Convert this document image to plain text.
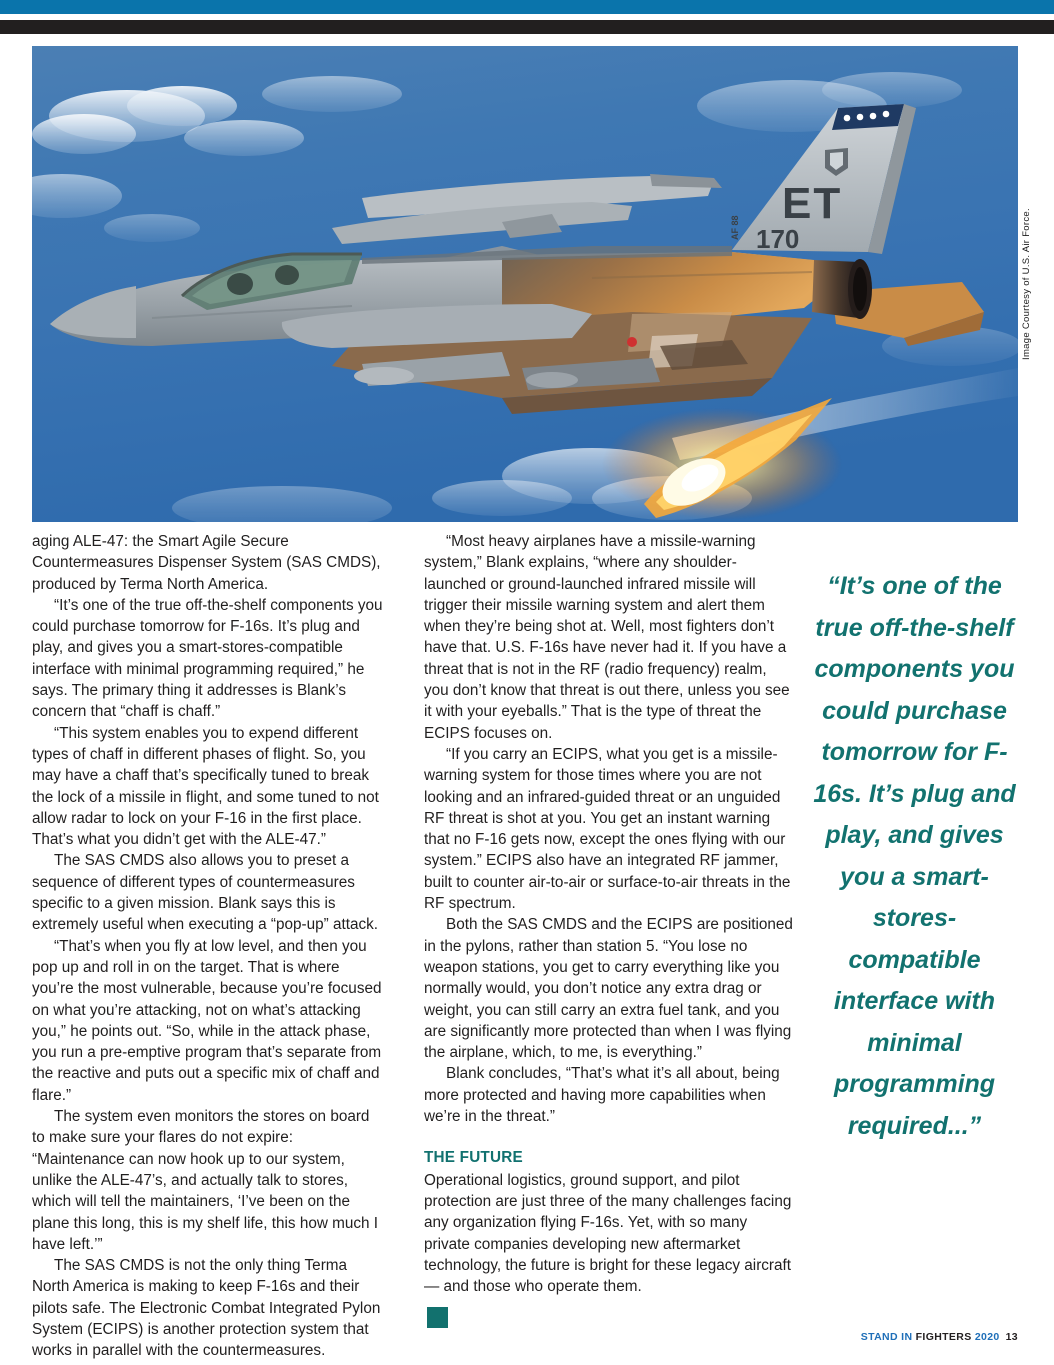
ET
170
AF 88	Image Courtesy of U.S. Air Force.

aging ALE-47: the Smart Agile Secure Countermeasures Dispenser System (SAS CMDS), produced by Terma North America.

“It’s one of the true off-the-shelf components you could purchase tomorrow for F-16s. It’s plug and play, and gives you a smart-stores-compatible interface with minimal programming required,” he says. The primary thing it addresses is Blank’s concern that “chaff is chaff.”

“This system enables you to expend different types of chaff in different phases of flight. So, you may have a chaff that’s specifically tuned to break the lock of a missile in flight, and some tuned to not allow radar to lock on your F-16 in the first place. That’s what you didn’t get with the ALE-47.”

The SAS CMDS also allows you to preset a sequence of different types of countermeasures specific to a given mission. Blank says this is extremely useful when executing a “pop-up” attack.

“That’s when you fly at low level, and then you pop up and roll in on the target. That is where you’re the most vulnerable, because you’re focused on what you’re attacking, not on what’s attacking you,” he points out. “So, while in the attack phase, you run a pre-emptive program that’s separate from the reactive and puts out a specific mix of chaff and flare.”

The system even monitors the stores on board to make sure your flares do not expire: “Maintenance can now hook up to our system, unlike the ALE-47’s, and actually talk to stores, which will tell the maintainers, ‘I’ve been on the plane this long, this is my shelf life, this how much I have left.’”

The SAS CMDS is not the only thing Terma North America is making to keep F-16s and their pilots safe. The Electronic Combat Integrated Pylon System (ECIPS) is another protection system that works in parallel with the countermeasures.

“Most heavy airplanes have a missile-warning system,” Blank explains, “where any shoulder-launched or ground-launched infrared missile will trigger their missile warning system and alert them when they’re being shot at. Well, most fighters don’t have that. U.S. F-16s have never had it. If you have a threat that is not in the RF (radio frequency) realm, you don’t know that threat is out there, unless you see it with your eyeballs.” That is the type of threat the ECIPS focuses on.

“If you carry an ECIPS, what you get is a missile-warning system for those times where you are not looking and an infrared-guided threat or an unguided RF threat is shot at you. You get an instant warning that no F-16 gets now, except the ones flying with our system.” ECIPS also have an integrated RF jammer, built to counter air-to-air or surface-to-air threats in the RF spectrum.

Both the SAS CMDS and the ECIPS are positioned in the pylons, rather than station 5. “You lose no weapon stations, you get to carry everything like you normally would, you don’t notice any extra drag or weight, you can still carry an extra fuel tank, and you are significantly more protected than when I was flying the airplane, which, to me, is everything.”

Blank concludes, “That’s what it’s all about, being more protected and having more capabilities when we’re in the threat.”

THE FUTURE

Operational logistics, ground support, and pilot protection are just three of the many challenges facing any organization flying F-16s. Yet, with so many private companies developing new aftermarket technology, the future is bright for these legacy aircraft — and those who operate them.

“It’s one of the true off-the-shelf components you could purchase tomorrow for F-16s. It’s plug and play, and gives you a smart-stores-compatible interface with minimal programming required...”
STAND IN FIGHTERS 2020 13
